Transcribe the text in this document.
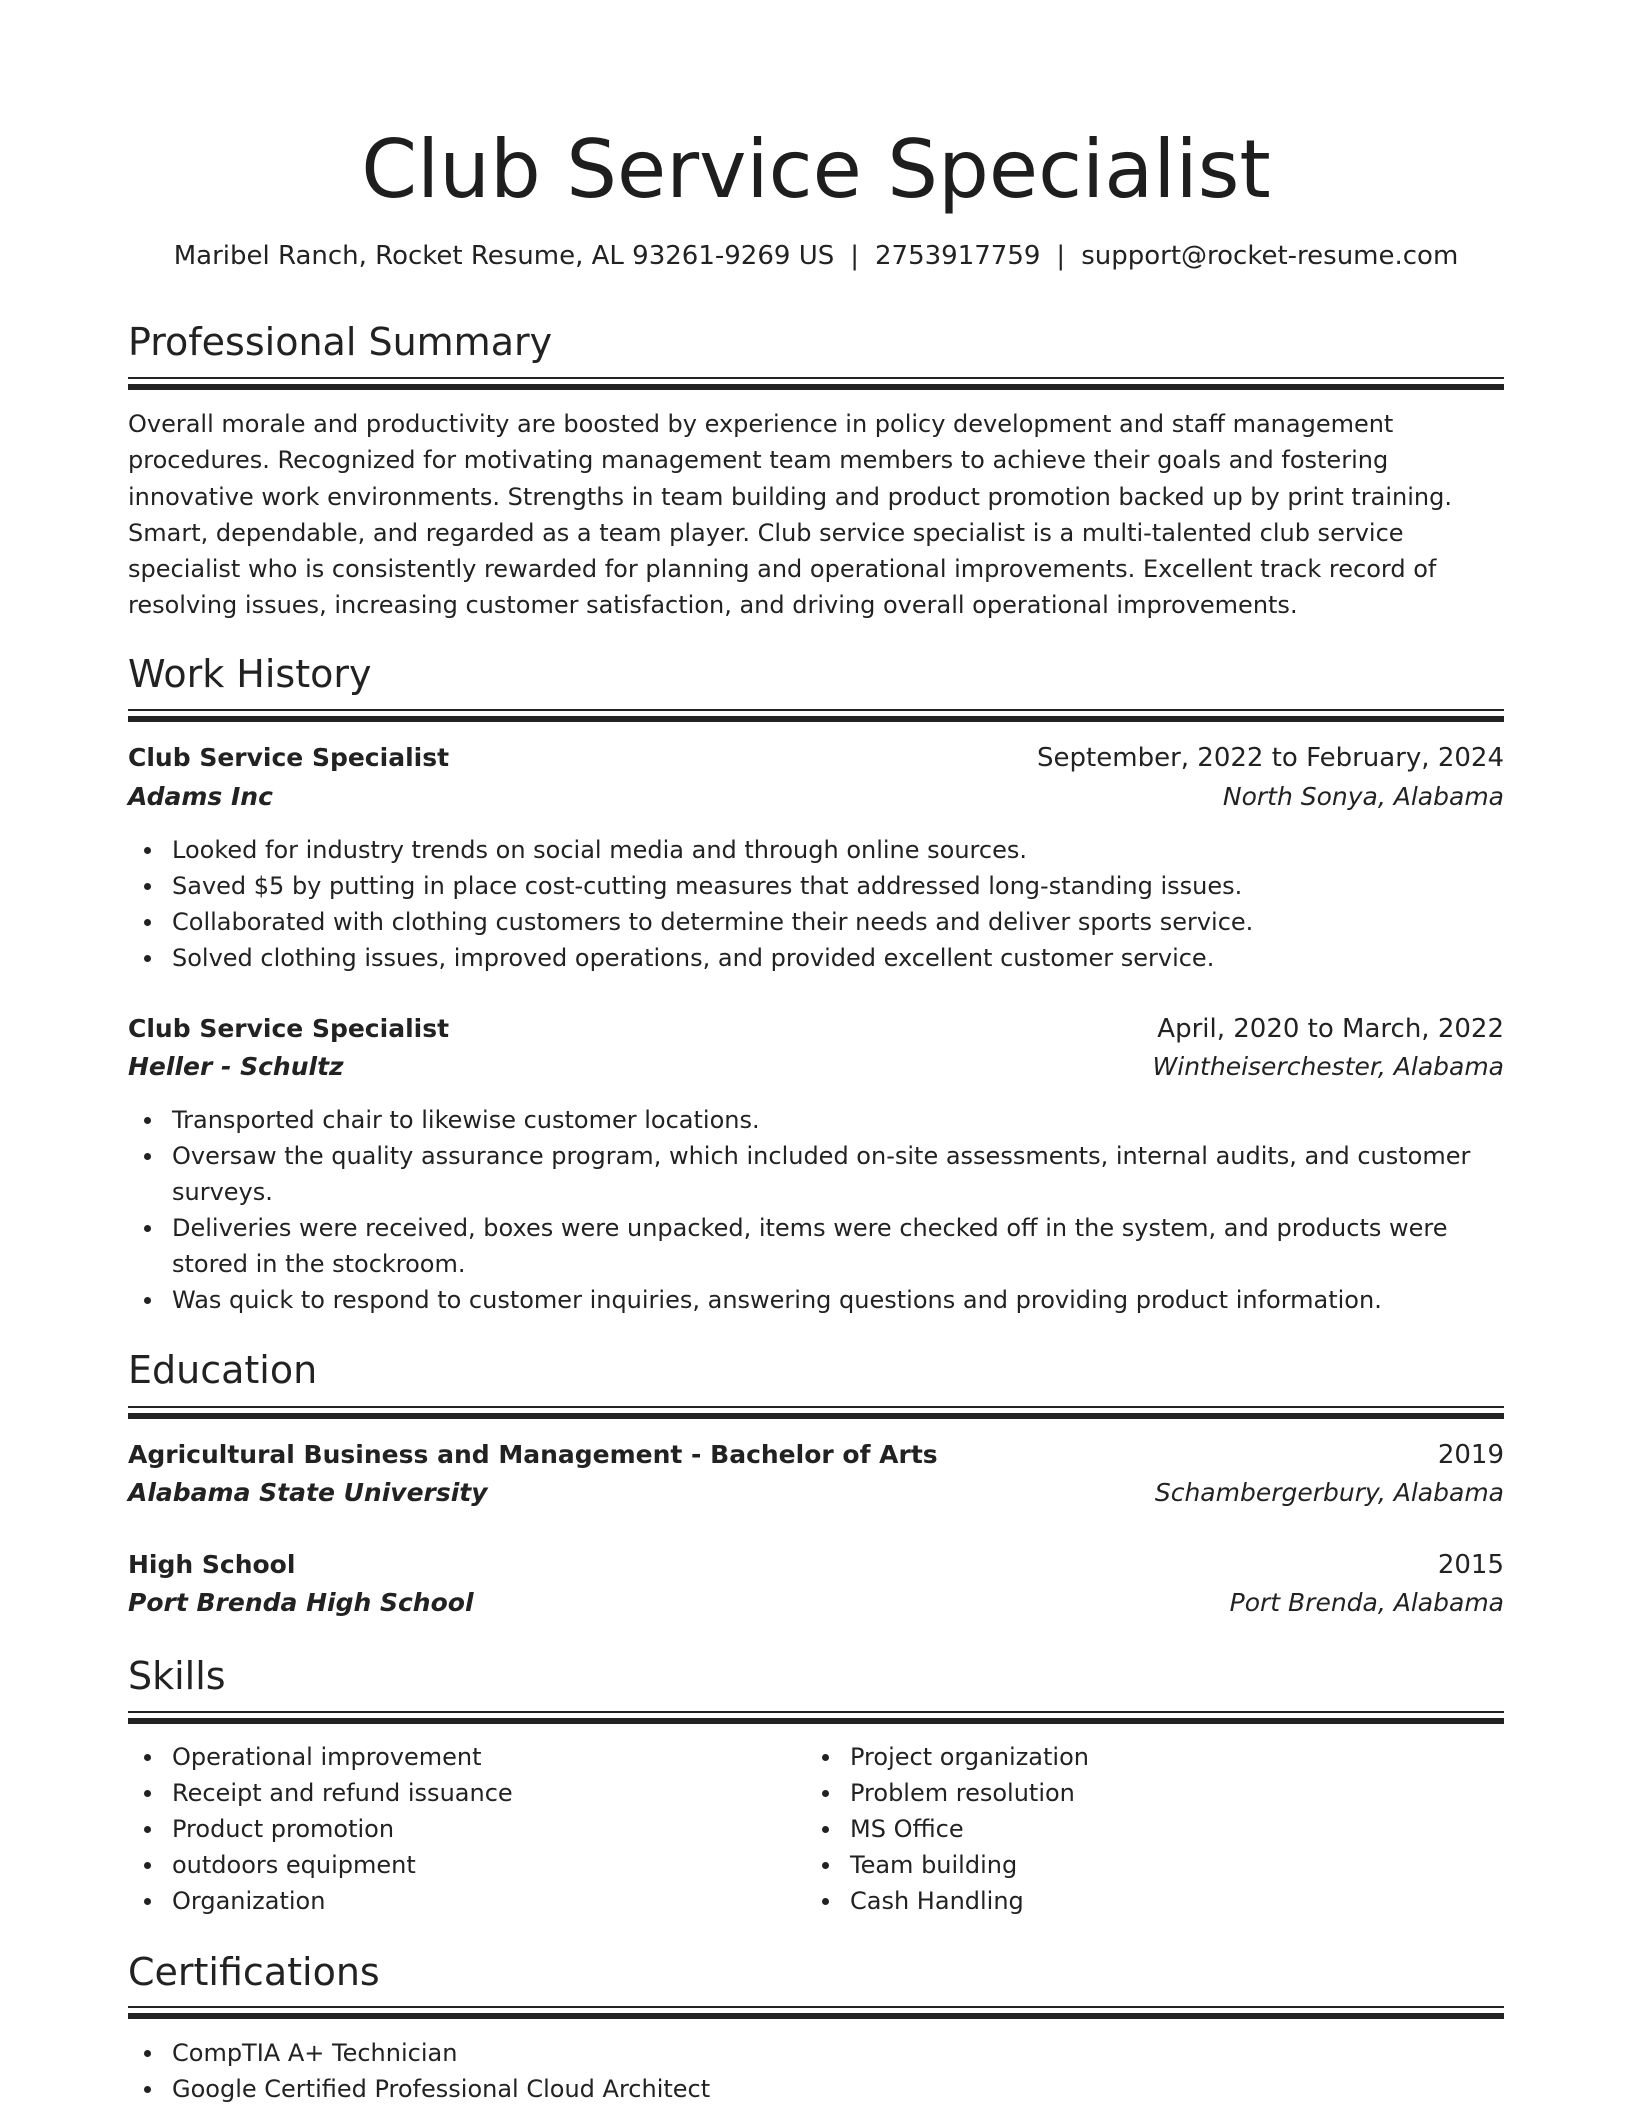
Club Service Specialist
Maribel Ranch, Rocket Resume, AL 93261-9269 US | 2753917759 | support@rocket-resume.com
Professional Summary

Overall morale and productivity are boosted by experience in policy development and staff management procedures. Recognized for motivating management team members to achieve their goals and fostering innovative work environments. Strengths in team building and product promotion backed up by print training. Smart, dependable, and regarded as a team player. Club service specialist is a multi-talented club service specialist who is consistently rewarded for planning and operational improvements. Excellent track record of resolving issues, increasing customer satisfaction, and driving overall operational improvements.

Work History
Club Service Specialist	September, 2022 to February, 2024
Adams Inc	North Sonya, Alabama
Looked for industry trends on social media and through online sources.
Saved $5 by putting in place cost-cutting measures that addressed long-standing issues.
Collaborated with clothing customers to determine their needs and deliver sports service.
Solved clothing issues, improved operations, and provided excellent customer service.
Club Service Specialist	April, 2020 to March, 2022
Heller - Schultz	Wintheiserchester, Alabama
Transported chair to likewise customer locations.
Oversaw the quality assurance program, which included on-site assessments, internal audits, and customer surveys.
Deliveries were received, boxes were unpacked, items were checked off in the system, and products were stored in the stockroom.
Was quick to respond to customer inquiries, answering questions and providing product information.
Education
Agricultural Business and Management - Bachelor of Arts	2019
Alabama State University	Schambergerbury, Alabama
High School	2015
Port Brenda High School	Port Brenda, Alabama
Skills
Operational improvement
Receipt and refund issuance
Product promotion
outdoors equipment
Organization
Project organization
Problem resolution
MS Office
Team building
Cash Handling
Certifications
CompTIA A+ Technician
Google Certified Professional Cloud Architect
